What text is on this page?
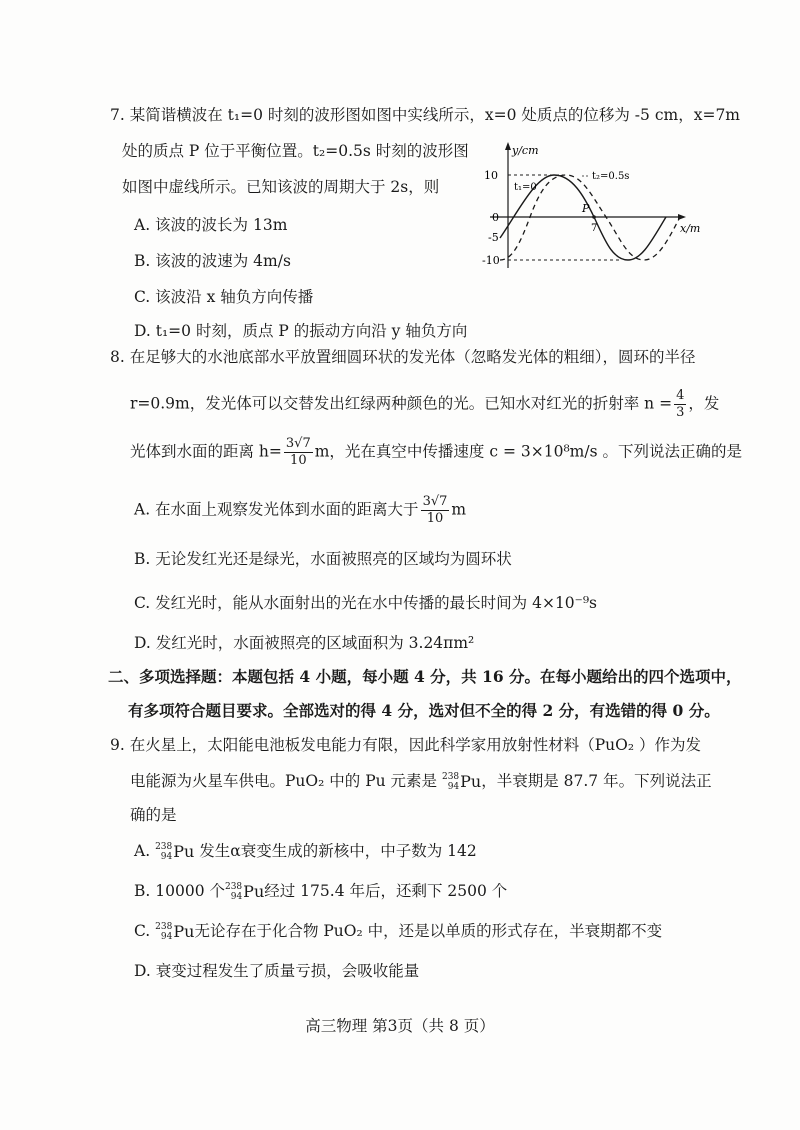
7. 某简谐横波在 t₁=0 时刻的波形图如图中实线所示，x=0 处质点的位移为 -5 cm，x=7m
处的质点 P 位于平衡位置。t₂=0.5s 时刻的波形图
如图中虚线所示。已知该波的周期大于 2s，则
A. 该波的波长为 13m
B. 该波的波速为 4m/s
C. 该波沿 x 轴负方向传播
D. t₁=0 时刻，质点 P 的振动方向沿 y 轴负方向
y/cm
x/m
t₁=0
t₂=0.5s
P
10
0
-5
-10
7
8. 在足够大的水池底部水平放置细圆环状的发光体（忽略发光体的粗细），圆环的半径
r=0.9m，发光体可以交替发出红绿两种颜色的光。已知水对红光的折射率 $n = \frac{4}{3}$ ，发
光体到水面的距离 $h= \frac{3√7}{10}$ m，光在真空中传播速度 c = 3×10⁸m/s 。下列说法正确的是
A. 在水面上观察发光体到水面的距离大于 $\frac{3√7}{10}$ m
B. 无论发红光还是绿光，水面被照亮的区域均为圆环状
C. 发红光时，能从水面射出的光在水中传播的最长时间为 4×10⁻⁹s
D. 发红光时，水面被照亮的区域面积为 3.24πm²
二、多项选择题：本题包括 4 小题，每小题 4 分，共 16 分。在每小题给出的四个选项中，
有多项符合题目要求。全部选对的得 4 分，选对但不全的得 2 分，有选错的得 0 分。
9. 在火星上，太阳能电池板发电能力有限，因此科学家用放射性材料（PuO₂ ）作为发
电能源为火星车供电。PuO₂ 中的 Pu 元素是 238
94 Pu ，半衰期是 87.7 年。下列说法正
确的是
A. 238
94 Pu 发生α衰变生成的新核中，中子数为 142
B. 10000 个 238
94 Pu 经过 175.4 年后，还剩下 2500 个
C. 238
94 Pu 无论存在于化合物 PuO₂ 中，还是以单质的形式存在，半衰期都不变
D. 衰变过程发生了质量亏损，会吸收能量
高三物理 第3页（共 8 页）
